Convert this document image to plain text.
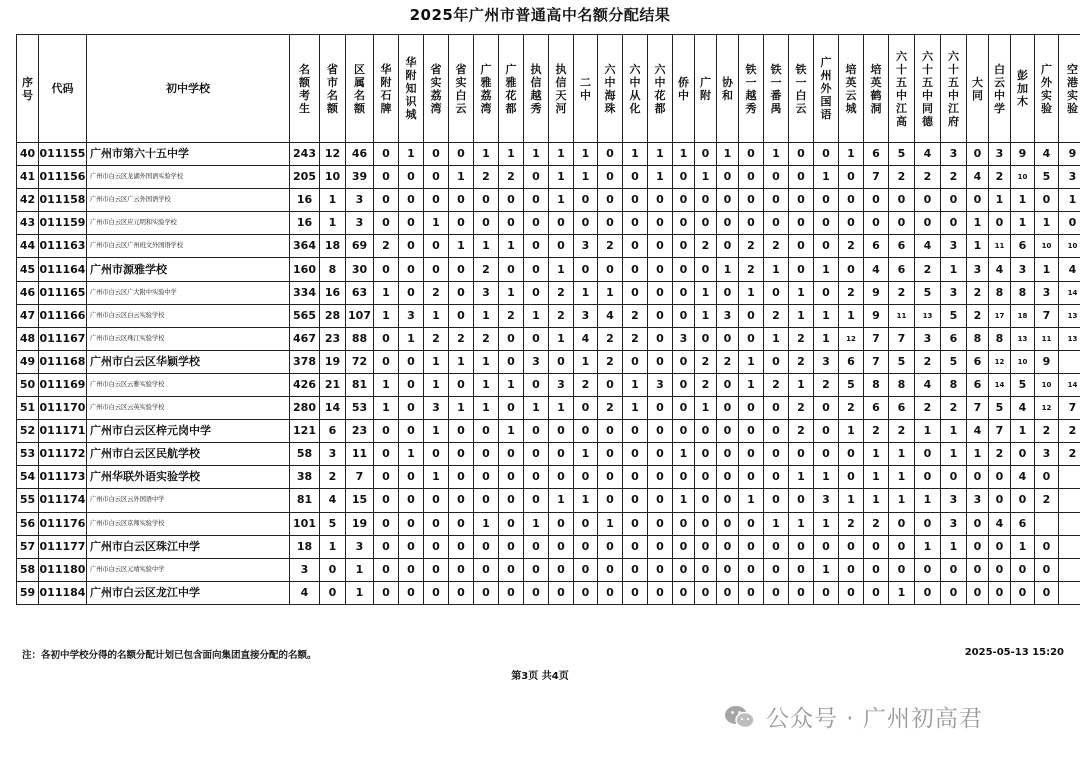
2025年广州市普通高中名额分配结果
序号	代码	初中学校	名额考生	省市名额	区属名额	华附石牌	华附知识城	省实荔湾	省实白云	广雅荔湾	广雅花都	执信越秀	执信天河	二中	六中海珠	六中从化	六中花都	侨中	广附	协和	铁一越秀	铁一番禺	铁一白云	广州外国语	培英云城	培英鹤洞	六十五中江高	六十五中同德	六十五中江府	大同	白云中学	彭加木	广外实验	空港实验	

40	011155	广州市第六十五中学	243	12	46	0	1	0	0	1	1	1	1	1	0	1	1	1	0	1	0	1	0	0	1	6	5	4	3	0	3	9	4	9	
41	011156	广州市白云区龙湖外国语实验学校	205	10	39	0	0	0	1	2	2	0	1	1	0	0	1	0	1	0	0	0	0	1	0	7	2	2	2	4	2	10	5	3	
42	011158	广州市白云区广云外国语学校	16	1	3	0	0	0	0	0	0	0	1	0	0	0	0	0	0	0	0	0	0	0	0	0	0	0	0	0	1	1	0	1	
43	011159	广州市白云区应元明和实验学校	16	1	3	0	0	1	0	0	0	0	0	0	0	0	0	0	0	0	0	0	0	0	0	0	0	0	0	1	0	1	1	0	
44	011163	广州市白云区广州班文外国语学校	364	18	69	2	0	0	1	1	1	0	0	3	2	0	0	0	2	0	2	2	0	0	2	6	6	4	3	1	11	6	10	10	
45	011164	广州市源雅学校	160	8	30	0	0	0	0	2	0	0	1	0	0	0	0	0	0	1	2	1	0	1	0	4	6	2	1	3	4	3	1	4	
46	011165	广州市白云区广大附中实验中学	334	16	63	1	0	2	0	3	1	0	2	1	1	0	0	0	1	0	1	0	1	0	2	9	2	5	3	2	8	8	3	14	
47	011166	广州市白云区白云实验学校	565	28	107	1	3	1	0	1	2	1	2	3	4	2	0	0	1	3	0	2	1	1	1	9	11	13	5	2	17	18	7	13	
48	011167	广州市白云区珠江实验学校	467	23	88	0	1	2	2	2	0	0	1	4	2	2	0	3	0	0	0	1	2	1	12	7	7	3	6	8	8	13	11	13	
49	011168	广州市白云区华颖学校	378	19	72	0	0	1	1	1	0	3	0	1	2	0	0	0	2	2	1	0	2	3	6	7	5	2	5	6	12	10	9		
50	011169	广州市白云区云雅实验学校	426	21	81	1	0	1	0	1	1	0	3	2	0	1	3	0	2	0	1	2	1	2	5	8	8	4	8	6	14	5	10	14	
51	011170	广州市白云区云英实验学校	280	14	53	1	0	3	1	1	0	1	1	0	2	1	0	0	1	0	0	0	2	0	2	6	6	2	2	7	5	4	12	7	
52	011171	广州市白云区梓元岗中学	121	6	23	0	0	1	0	0	1	0	0	0	0	0	0	0	0	0	0	0	2	0	1	2	2	1	1	4	7	1	2	2	
53	011172	广州市白云区民航学校	58	3	11	0	1	0	0	0	0	0	0	1	0	0	0	1	0	0	0	0	0	0	0	1	1	0	1	1	2	0	3	2	
54	011173	广州华联外语实验学校	38	2	7	0	0	1	0	0	0	0	0	0	0	0	0	0	0	0	0	0	1	1	0	1	1	0	0	0	0	4	0		
55	011174	广州市白云区云外国语中学	81	4	15	0	0	0	0	0	0	0	1	1	0	0	0	1	0	0	1	0	0	3	1	1	1	1	3	3	0	0	2		
56	011176	广州市白云区京师实验学校	101	5	19	0	0	0	0	1	0	1	0	0	1	0	0	0	0	0	0	1	1	1	2	2	0	0	3	0	4	6			
57	011177	广州市白云区珠江中学	18	1	3	0	0	0	0	0	0	0	0	0	0	0	0	0	0	0	0	0	0	0	0	0	0	1	1	0	0	1	0		
58	011180	广州市白云区元靖实验中学	3	0	1	0	0	0	0	0	0	0	0	0	0	0	0	0	0	0	0	0	0	1	0	0	0	0	0	0	0	0	0		
59	011184	广州市白云区龙江中学	4	0	1	0	0	0	0	0	0	0	0	0	0	0	0	0	0	0	0	0	0	0	0	0	1	0	0	0	0	0	0		
注：各初中学校分得的名额分配计划已包含面向集团直接分配的名额。	2025-05-13 15:20
第3页 共4页
公众号 · 广州初高君
